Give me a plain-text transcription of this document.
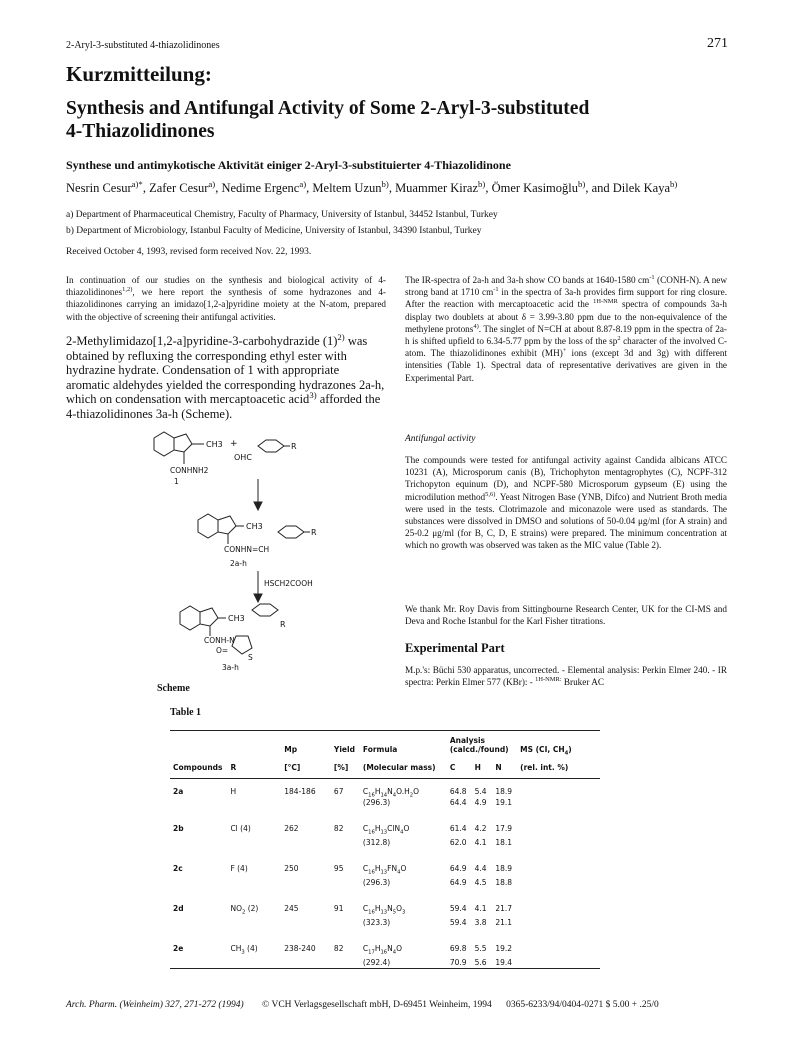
2-Aryl-3-substituted 4-thiazolidinones	271
Kurzmitteilung:
Synthesis and Antifungal Activity of Some 2-Aryl-3-substituted
4-Thiazolidinones
Synthese und antimykotische Aktivität einiger 2-Aryl-3-substituierter 4-Thiazolidinone
Nesrin Cesur$^{a)*}$, Zafer Cesur$^{a)}$, Nedime Ergenc$^{a)}$, Meltem Uzun$^{b)}$, Muammer Kiraz$^{b)}$, Ömer Kasimoğlu$^{b)}$, and Dilek Kaya$^{b)}$
a) Department of Pharmaceutical Chemistry, Faculty of Pharmacy, University of Istanbul, 34452 Istanbul, Turkey
b) Department of Microbiology, Istanbul Faculty of Medicine, University of Istanbul, 34390 Istanbul, Turkey
Received October 4, 1993, revised form received Nov. 22, 1993.
In continuation of our studies on the synthesis and biological activity of 4-thiazolidinones$^{1,2)}$, we here report the synthesis of some hydrazones and 4-thiazolidinones carrying an imidazo[1,2-a]pyridine moiety at the N-atom, prepared with the objective of screening their antifungal activities.
2-Methylimidazo[1,2-a]pyridine-3-carbohydrazide $(1)^{2)}$ was obtained by refluxing the corresponding ethyl ester with hydrazine hydrate. Condensation of 1 with appropriate aromatic aldehydes yielded the corresponding hydrazones 2a-h, which on condensation with mercaptoacetic acid$^{3)}$ afforded the 4-thiazolidinones 3a-h (Scheme).
CH3 +
OHC
R
CONHNH2
1
CH3
R
CONHN=CH
2a-h
HSCH2COOH
CH3
R
CONH-N
O=
S
3a-h
Scheme
The IR-spectra of 2a-h and 3a-h show CO bands at 1640-1580 $cm^{-1}$ (CONH-N). A new strong band at 1710 $cm^{-1}$ in the spectra of 3a-h provides firm support for ring closure. After the reaction with mercaptoacetic acid the $^{1H-NMR}$ spectra of compounds 3a-h display two doublets at about δ = 3.99-3.80 ppm due to the non-equivalence of the methylene protons$^{4)}$. The singlet of N=CH at about 8.87-8.19 ppm in the spectra of 2a-h is shifted upfield to 6.34-5.77 ppm by the loss of the $sp^2$ character of the involved C-atom. The thiazolidinones exhibit (MH)+ ions (except 3d and 3g) with different intensities (Table 1). Spectral data of representative derivatives are given in the Experimental Part.
Antifungal activity
The compounds were tested for antifungal activity against Candida albicans ATCC 10231 (A), Microsporum canis (B), Trichophyton mentagrophytes (C), NCPF-312 Trichopyton equinum (D), and NCPF-580 Microsporum gypseum (E) using the microdilution method$^{5,6)}$. Yeast Nitrogen Base (YNB, Difco) and Nutrient Broth media were used in the tests. Clotrimazole and miconazole were used as standards. The substances were dissolved in DMSO and solutions of 50-0.04 μg/ml (for A strain) and 25-0.2 μg/ml (for B, C, D, E strains) were prepared. The minimum concentration at which no growth was observed was taken as the MIC value (Table 2).
We thank Mr. Roy Davis from Sittingbourne Research Center, UK for the CI-MS and Deva and Roche Istanbul for the Karl Fisher titrations.
Experimental Part
M.p.'s: Büchi 530 apparatus, uncorrected. - Elemental analysis: Perkin Elmer 240. - IR spectra: Perkin Elmer 577 (KBr): - $^{1H-NMR:}$ Bruker AC
Table 1
Compounds	R	Mp	Yield	Formula	Analysis (calcd./found)			MS (CI, $CH_4$)
		[°C]	[%]	(Molecular mass)	C	H	N	(rel. int. %)
2a	H	184-186	67	$C_{16}H_{14}N_4O.H_2O$	64.8	5.4	18.9	
				(296.3)	64.4	4.9	19.1	
2b	Cl (4)	262	82	$C_{16}H_{13}ClN_4O$	61.4	4.2	17.9	
				(312.8)	62.0	4.1	18.1	
2c	F (4)	250	95	$C_{16}H_{13}FN_4O$	64.9	4.4	18.9	
				(296.3)	64.9	4.5	18.8	
2d	$NO_2$ (2)	245	91	$C_{16}H_{13}N_5O_3$	59.4	4.1	21.7	
				(323.3)	59.4	3.8	21.1	
2e	$CH_3$ (4)	238-240	82	$C_{17}H_{16}N_4O$	69.8	5.5	19.2	
				(292.4)	70.9	5.6	19.4	
Arch. Pharm. (Weinheim) 327, 271-272 (1994) © VCH Verlagsgesellschaft mbH, D-69451 Weinheim, 1994 0365-6233/94/0404-0271 $ 5.00 + .25/0
